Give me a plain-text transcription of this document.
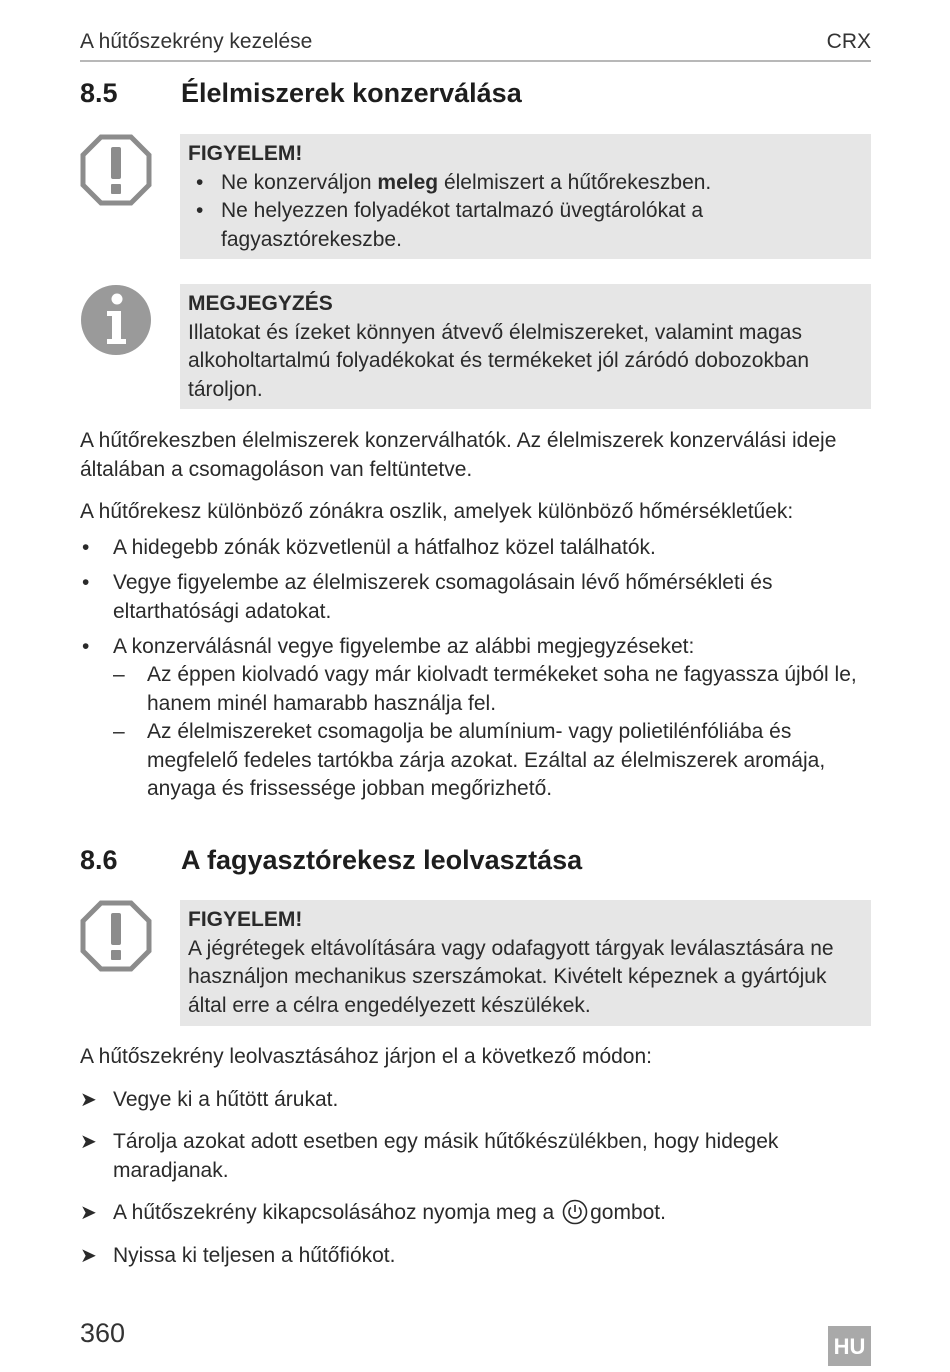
A hűtőszekrény kezelése	CRX
8.5 Élelmiszerek konzerválása
FIGYELEM!
• Ne konzerváljon meleg élelmiszert a hűtőrekeszben.
• Ne helyezzen folyadékot tartalmazó üvegtárolókat a fagyasztórekeszbe.
MEGJEGYZÉS
Illatokat és ízeket könnyen átvevő élelmiszereket, valamint magas alkoholtartalmú folyadékokat és termékeket jól záródó dobozokban tároljon.
A hűtőrekeszben élelmiszerek konzerválhatók. Az élelmiszerek konzerválási ideje általában a csomagoláson van feltüntetve.
A hűtőrekesz különböző zónákra oszlik, amelyek különböző hőmérsékletűek:
• A hidegebb zónák közvetlenül a hátfalhoz közel találhatók.
• Vegye figyelembe az élelmiszerek csomagolásain lévő hőmérsékleti és eltarthatósági adatokat.
• A konzerválásnál vegye figyelembe az alábbi megjegyzéseket:
– Az éppen kiolvadó vagy már kiolvadt termékeket soha ne fagyassza újból le, hanem minél hamarabb használja fel.
– Az élelmiszereket csomagolja be alumínium- vagy polietilénfóliába és megfelelő fedeles tartókba zárja azokat. Ezáltal az élelmiszerek aromája, anyaga és frissessége jobban megőrizhető.
8.6 A fagyasztórekesz leolvasztása
FIGYELEM!
A jégrétegek eltávolítására vagy odafagyott tárgyak leválasztására ne használjon mechanikus szerszámokat. Kivételt képeznek a gyártójuk által erre a célra engedélyezett készülékek.
A hűtőszekrény leolvasztásához járjon el a következő módon:
➤ Vegye ki a hűtött árukat.
➤ Tárolja azokat adott esetben egy másik hűtőkészülékben, hogy hidegek maradjanak.
➤ A hűtőszekrény kikapcsolásához nyomja meg a gombot.
➤ Nyissa ki teljesen a hűtőfiókot.
360	HU
